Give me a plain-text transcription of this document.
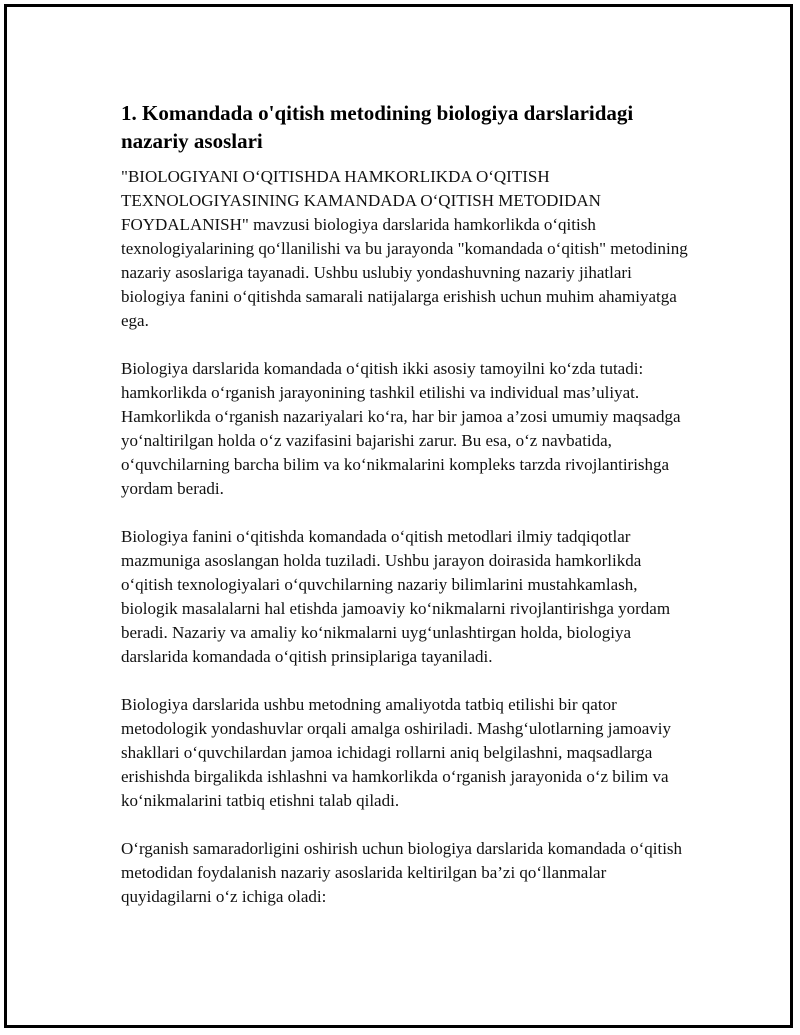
1. Komandada o'qitish metodining biologiya darslaridagi nazariy asoslari

"BIOLOGIYANI O‘QITISHDA HAMKORLIKDA O‘QITISH TEXNOLOGIYASINING KAMANDADA O‘QITISH METODIDAN FOYDALANISH" mavzusi biologiya darslarida hamkorlikda o‘qitish texnologiyalarining qo‘llanilishi va bu jarayonda "komandada o‘qitish" metodining nazariy asoslariga tayanadi. Ushbu uslubiy yondashuvning nazariy jihatlari biologiya fanini o‘qitishda samarali natijalarga erishish uchun muhim ahamiyatga ega.

Biologiya darslarida komandada o‘qitish ikki asosiy tamoyilni ko‘zda tutadi: hamkorlikda o‘rganish jarayonining tashkil etilishi va individual mas’uliyat. Hamkorlikda o‘rganish nazariyalari ko‘ra, har bir jamoa a’zosi umumiy maqsadga yo‘naltirilgan holda o‘z vazifasini bajarishi zarur. Bu esa, o‘z navbatida, o‘quvchilarning barcha bilim va ko‘nikmalarini kompleks tarzda rivojlantirishga yordam beradi.

Biologiya fanini o‘qitishda komandada o‘qitish metodlari ilmiy tadqiqotlar mazmuniga asoslangan holda tuziladi. Ushbu jarayon doirasida hamkorlikda o‘qitish texnologiyalari o‘quvchilarning nazariy bilimlarini mustahkamlash, biologik masalalarni hal etishda jamoaviy ko‘nikmalarni rivojlantirishga yordam beradi. Nazariy va amaliy ko‘nikmalarni uyg‘unlashtirgan holda, biologiya darslarida komandada o‘qitish prinsiplariga tayaniladi.

Biologiya darslarida ushbu metodning amaliyotda tatbiq etilishi bir qator metodologik yondashuvlar orqali amalga oshiriladi. Mashg‘ulotlarning jamoaviy shakllari o‘quvchilardan jamoa ichidagi rollarni aniq belgilashni, maqsadlarga erishishda birgalikda ishlashni va hamkorlikda o‘rganish jarayonida o‘z bilim va ko‘nikmalarini tatbiq etishni talab qiladi.

O‘rganish samaradorligini oshirish uchun biologiya darslarida komandada o‘qitish metodidan foydalanish nazariy asoslarida keltirilgan ba’zi qo‘llanmalar quyidagilarni o‘z ichiga oladi:
